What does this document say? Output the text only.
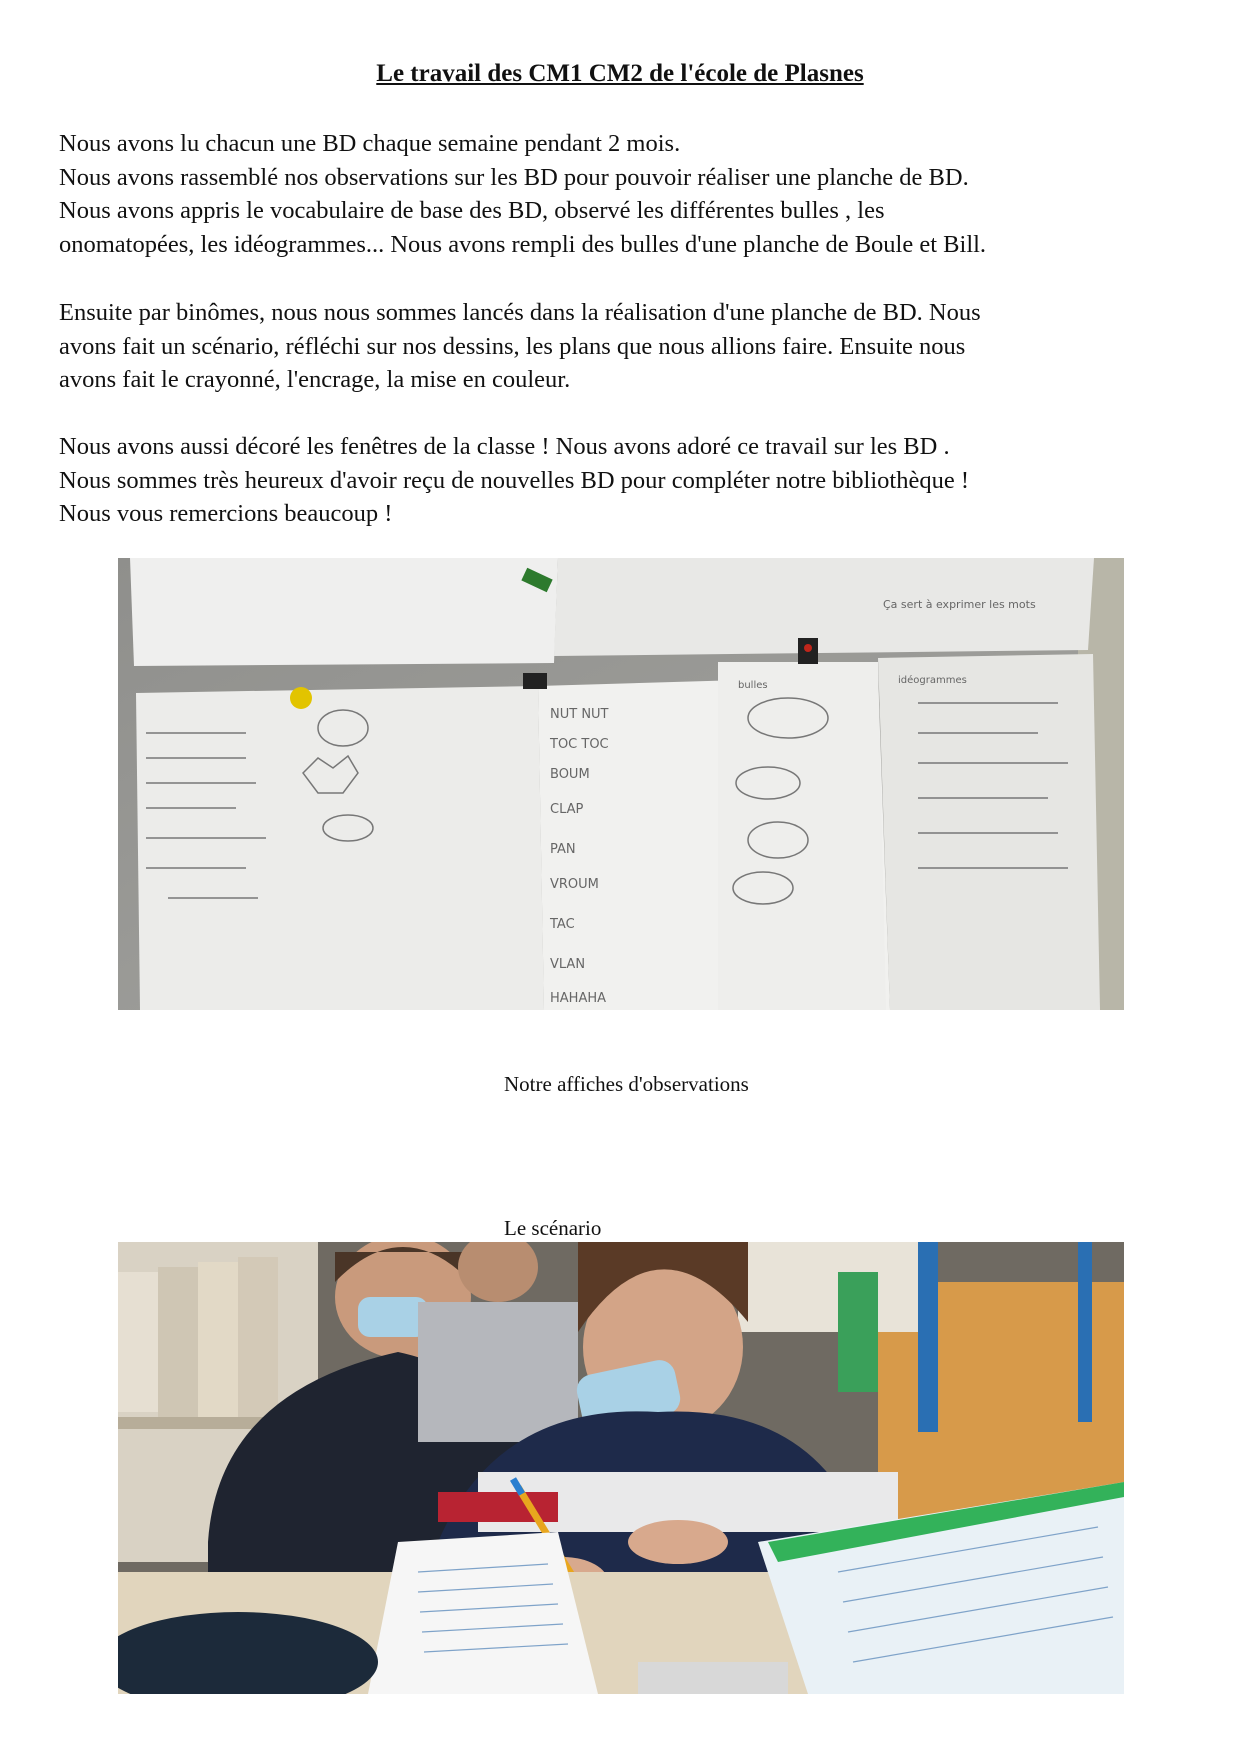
Le travail des CM1 CM2 de l'école de Plasnes
Nous avons lu chacun une BD chaque semaine pendant 2 mois.
Nous avons rassemblé nos observations sur les BD pour pouvoir réaliser une planche de BD.
Nous avons appris le vocabulaire de base des BD, observé les différentes bulles , les
onomatopées, les idéogrammes... Nous avons rempli des bulles d'une planche de Boule et Bill.
Ensuite par binômes, nous nous sommes lancés dans la réalisation d'une planche de BD. Nous
avons fait un scénario, réfléchi sur nos dessins, les plans que nous allions faire. Ensuite nous
avons fait le crayonné, l'encrage, la mise en couleur.
Nous avons aussi décoré les fenêtres de la classe ! Nous avons adoré ce travail sur les BD .
Nous sommes très heureux d'avoir reçu de nouvelles BD pour compléter notre bibliothèque !
Nous vous remercions beaucoup !
NUT NUT
TOC TOC
BOUM
CLAP
PAN
VROUM
TAC
VLAN
HAHAHA
bulles	idéogrammes
Ça sert à exprimer les mots
Notre affiches d'observations
Le scénario
